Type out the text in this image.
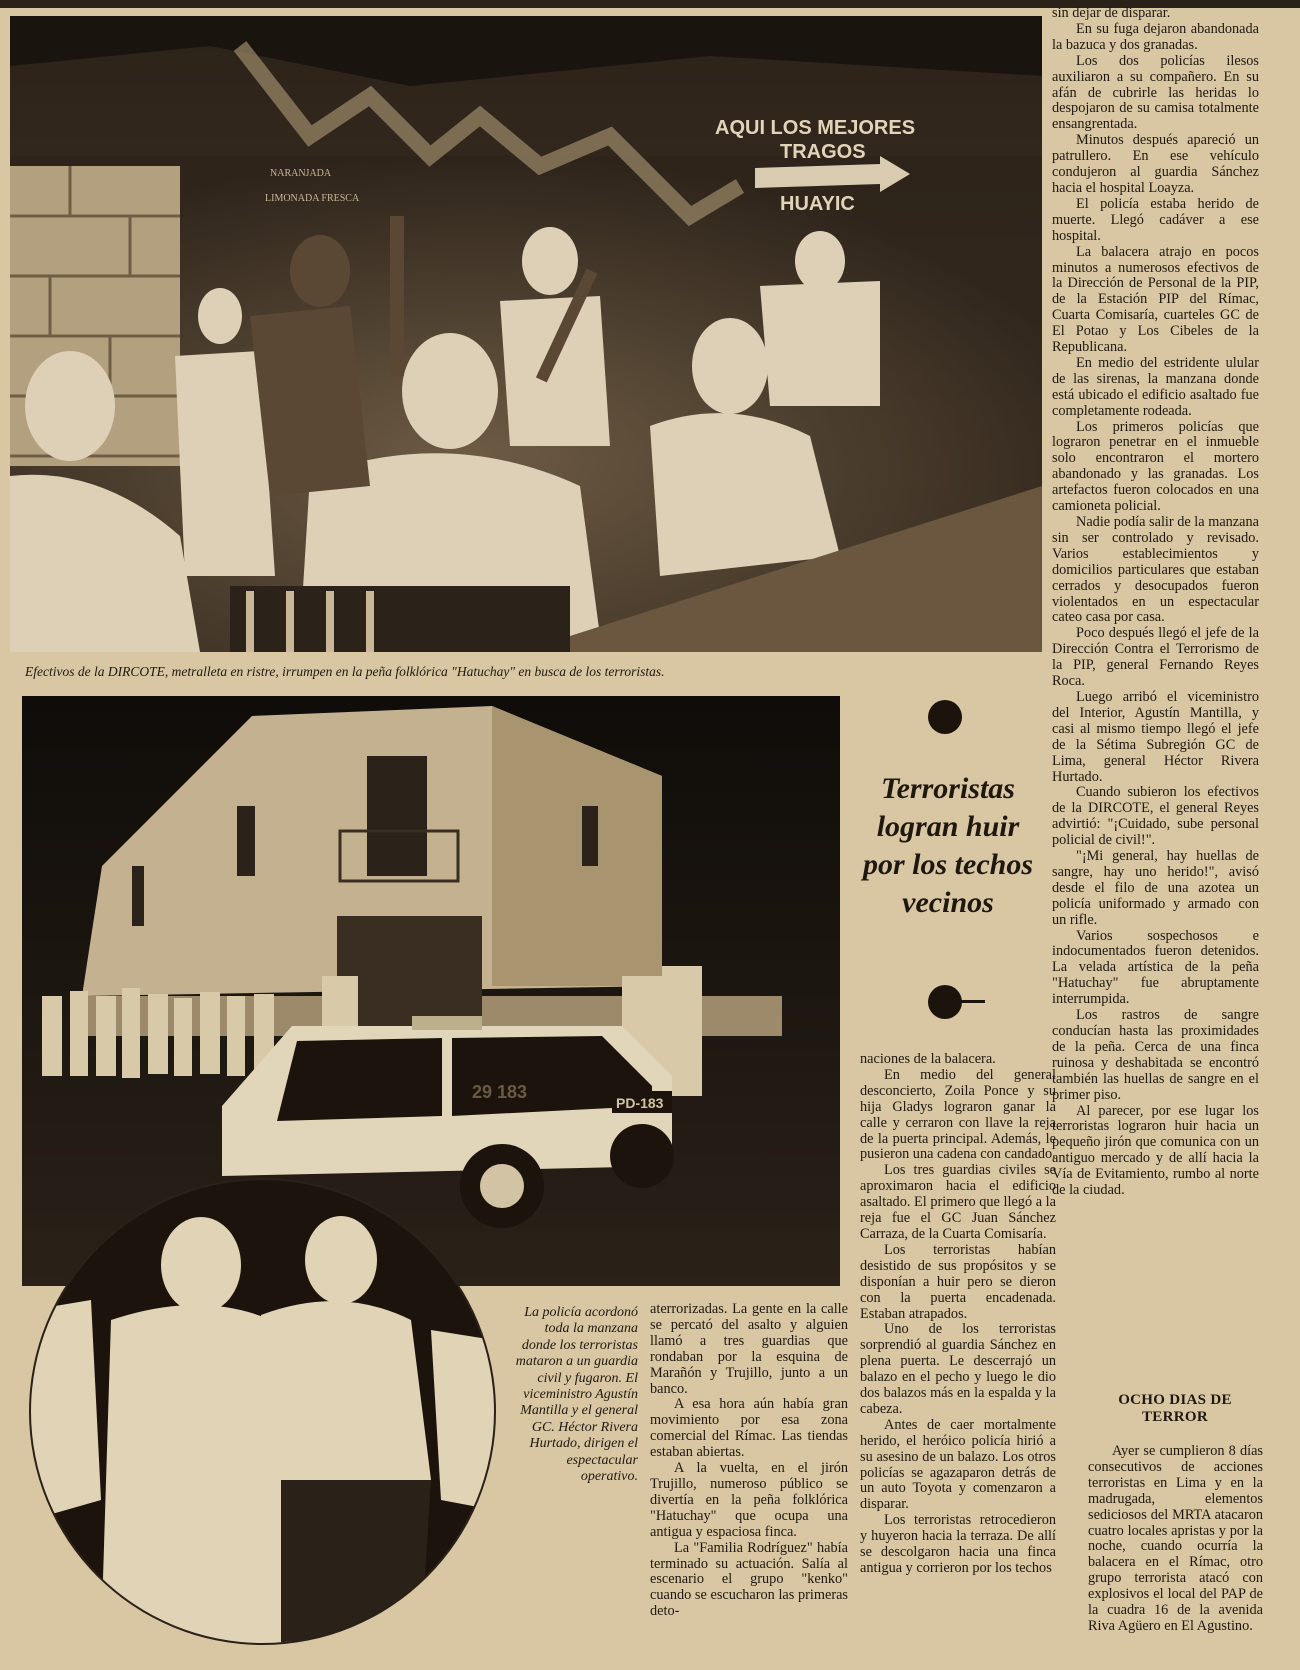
AQUI LOS MEJORES
TRAGOS
HUAYIC
NARANJADA
LIMONADA FRESCA

Efectivos de la DIRCOTE, metralleta en ristre, irrumpen en la peña folklórica "Hatuchay" en busca de los terroristas.

29 183
PD-183

sin dejar de disparar.

En su fuga dejaron abandonada la bazuca y dos granadas.

Los dos policías ilesos auxiliaron a su compañero. En su afán de cubrirle las heridas lo despojaron de su camisa totalmente ensangrentada.

Minutos después apareció un patrullero. En ese vehículo condujeron al guardia Sánchez hacia el hospital Loayza.

El policía estaba herido de muerte. Llegó cadáver a ese hospital.

La balacera atrajo en pocos minutos a numerosos efectivos de la Dirección de Personal de la PIP, de la Estación PIP del Rímac, Cuarta Comisaría, cuarteles GC de El Potao y Los Cibeles de la Republicana.

En medio del estridente ulular de las sirenas, la manzana donde está ubicado el edificio asaltado fue completamente rodeada.

Los primeros policías que lograron penetrar en el inmueble solo encontraron el mortero abandonado y las granadas. Los artefactos fueron colocados en una camioneta policial.

Nadie podía salir de la manzana sin ser controlado y revisado. Varios establecimientos y domicilios particulares que estaban cerrados y desocupados fueron violentados en un espectacular cateo casa por casa.

Poco después llegó el jefe de la Dirección Contra el Terrorismo de la PIP, general Fernando Reyes Roca.

Luego arribó el viceministro del Interior, Agustín Mantilla, y casi al mismo tiempo llegó el jefe de la Sétima Subregión GC de Lima, general Héctor Rivera Hurtado.

Cuando subieron los efectivos de la DIRCOTE, el general Reyes advirtió: "¡Cuidado, sube personal policial de civil!".

"¡Mi general, hay huellas de sangre, hay uno herido!", avisó desde el filo de una azotea un policía uniformado y armado con un rifle.

Varios sospechosos e indocumentados fueron detenidos. La velada artística de la peña "Hatuchay" fue abruptamente interrumpida.

Los rastros de sangre conducían hasta las proximidades de la peña. Cerca de una finca ruinosa y deshabitada se encontró también las huellas de sangre en el primer piso.

Al parecer, por ese lugar los terroristas lograron huir hacia un pequeño jirón que comunica con un antiguo mercado y de allí hacia la Vía de Evitamiento, rumbo al norte de la ciudad.

Terroristas logran huir por los techos vecinos
La policía acordonó toda la manzana donde los terroristas mataron a un guardia civil y fugaron. El viceministro Agustín Mantilla y el general GC. Héctor Rivera Hurtado, dirigen el espectacular operativo.

aterrorizadas. La gente en la calle se percató del asalto y alguien llamó a tres guardias que rondaban por la esquina de Marañón y Trujillo, junto a un banco.

A esa hora aún había gran movimiento por esa zona comercial del Rímac. Las tiendas estaban abiertas.

A la vuelta, en el jirón Trujillo, numeroso público se divertía en la peña folklórica "Hatuchay" que ocupa una antigua y espaciosa finca.

La "Familia Rodríguez" había terminado su actuación. Salía al escenario el grupo "kenko" cuando se escucharon las primeras deto-

naciones de la balacera.

En medio del general desconcierto, Zoila Ponce y su hija Gladys lograron ganar la calle y cerraron con llave la reja de la puerta principal. Además, le pusieron una cadena con candado.

Los tres guardias civiles se aproximaron hacia el edificio asaltado. El primero que llegó a la reja fue el GC Juan Sánchez Carraza, de la Cuarta Comisaría.

Los terroristas habían desistido de sus propósitos y se disponían a huir pero se dieron con la puerta encadenada. Estaban atrapados.

Uno de los terroristas sorprendió al guardia Sánchez en plena puerta. Le descerrajó un balazo en el pecho y luego le dio dos balazos más en la espalda y la cabeza.

Antes de caer mortalmente herido, el heróico policía hirió a su asesino de un balazo. Los otros policías se agazaparon detrás de un auto Toyota y comenzaron a disparar.

Los terroristas retrocedieron y huyeron hacia la terraza. De allí se descolgaron hacia una finca antigua y corrieron por los techos

OCHO DIAS DE TERROR

Ayer se cumplieron 8 días consecutivos de acciones terroristas en Lima y en la madrugada, elementos sediciosos del MRTA atacaron cuatro locales apristas y por la noche, cuando ocurría la balacera en el Rímac, otro grupo terrorista atacó con explosivos el local del PAP de la cuadra 16 de la avenida Riva Agüero en El Agustino.
